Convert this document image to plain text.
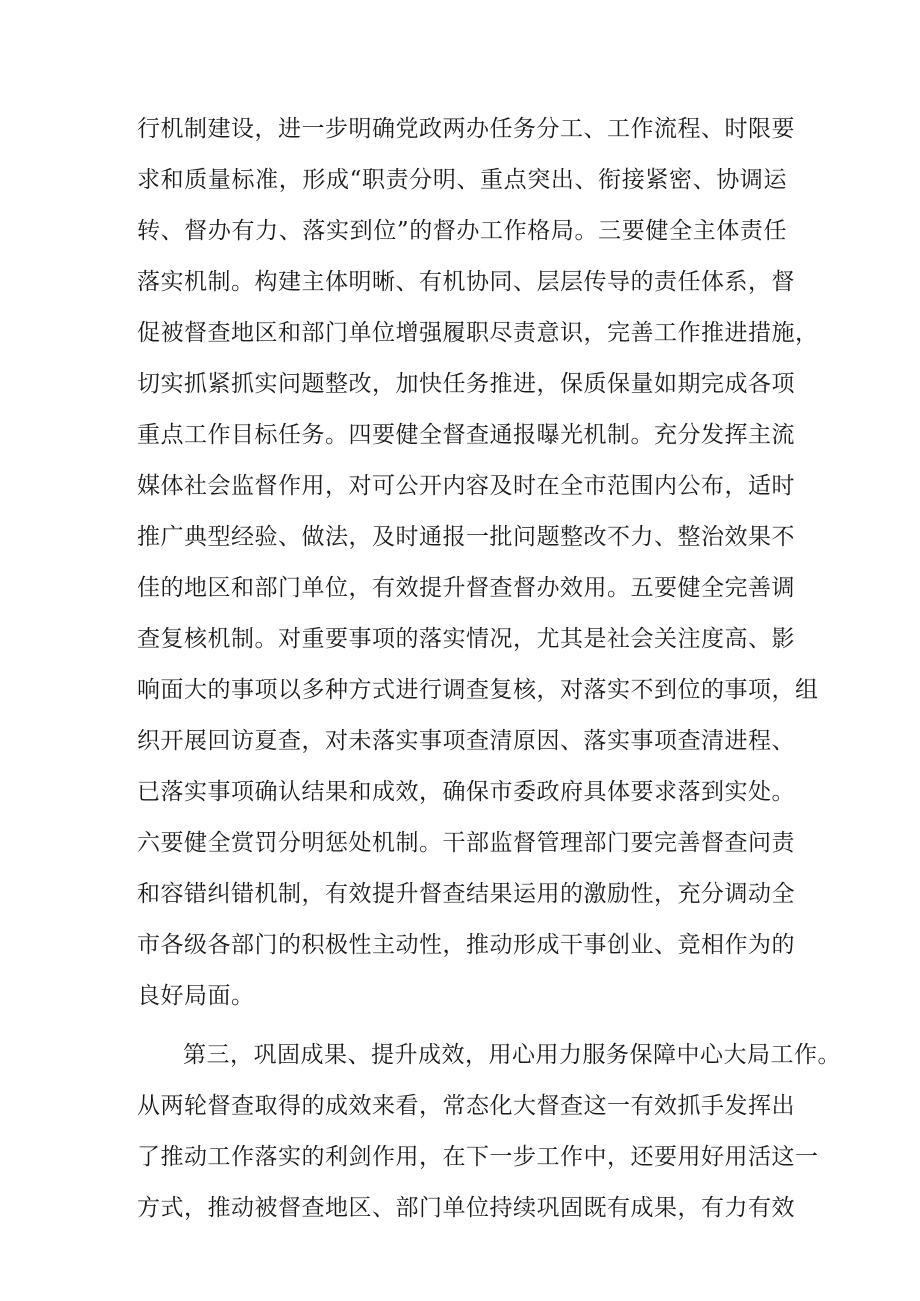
行机制建设，进一步明确党政两办任务分工、工作流程、时限要
求和质量标准，形成“职责分明、重点突出、衔接紧密、协调运
转、督办有力、落实到位”的督办工作格局。三要健全主体责任
落实机制。构建主体明晰、有机协同、层层传导的责任体系，督
促被督查地区和部门单位增强履职尽责意识，完善工作推进措施，
切实抓紧抓实问题整改，加快任务推进，保质保量如期完成各项
重点工作目标任务。四要健全督查通报曝光机制。充分发挥主流
媒体社会监督作用，对可公开内容及时在全市范围内公布，适时
推广典型经验、做法，及时通报一批问题整改不力、整治效果不
佳的地区和部门单位，有效提升督查督办效用。五要健全完善调
查复核机制。对重要事项的落实情况，尤其是社会关注度高、影
响面大的事项以多种方式进行调查复核，对落实不到位的事项，组
织开展回访夏查，对未落实事项查清原因、落实事项查清进程、
已落实事项确认结果和成效，确保市委政府具体要求落到实处。
六要健全赏罚分明惩处机制。干部监督管理部门要完善督查问责
和容错纠错机制，有效提升督查结果运用的激励性，充分调动全
市各级各部门的积极性主动性，推动形成干事创业、竞相作为的
良好局面。
第三，巩固成果、提升成效，用心用力服务保障中心大局工作。
从两轮督查取得的成效来看，常态化大督查这一有效抓手发挥出
了推动工作落实的利剑作用，在下一步工作中，还要用好用活这一
方式，推动被督查地区、部门单位持续巩固既有成果，有力有效
